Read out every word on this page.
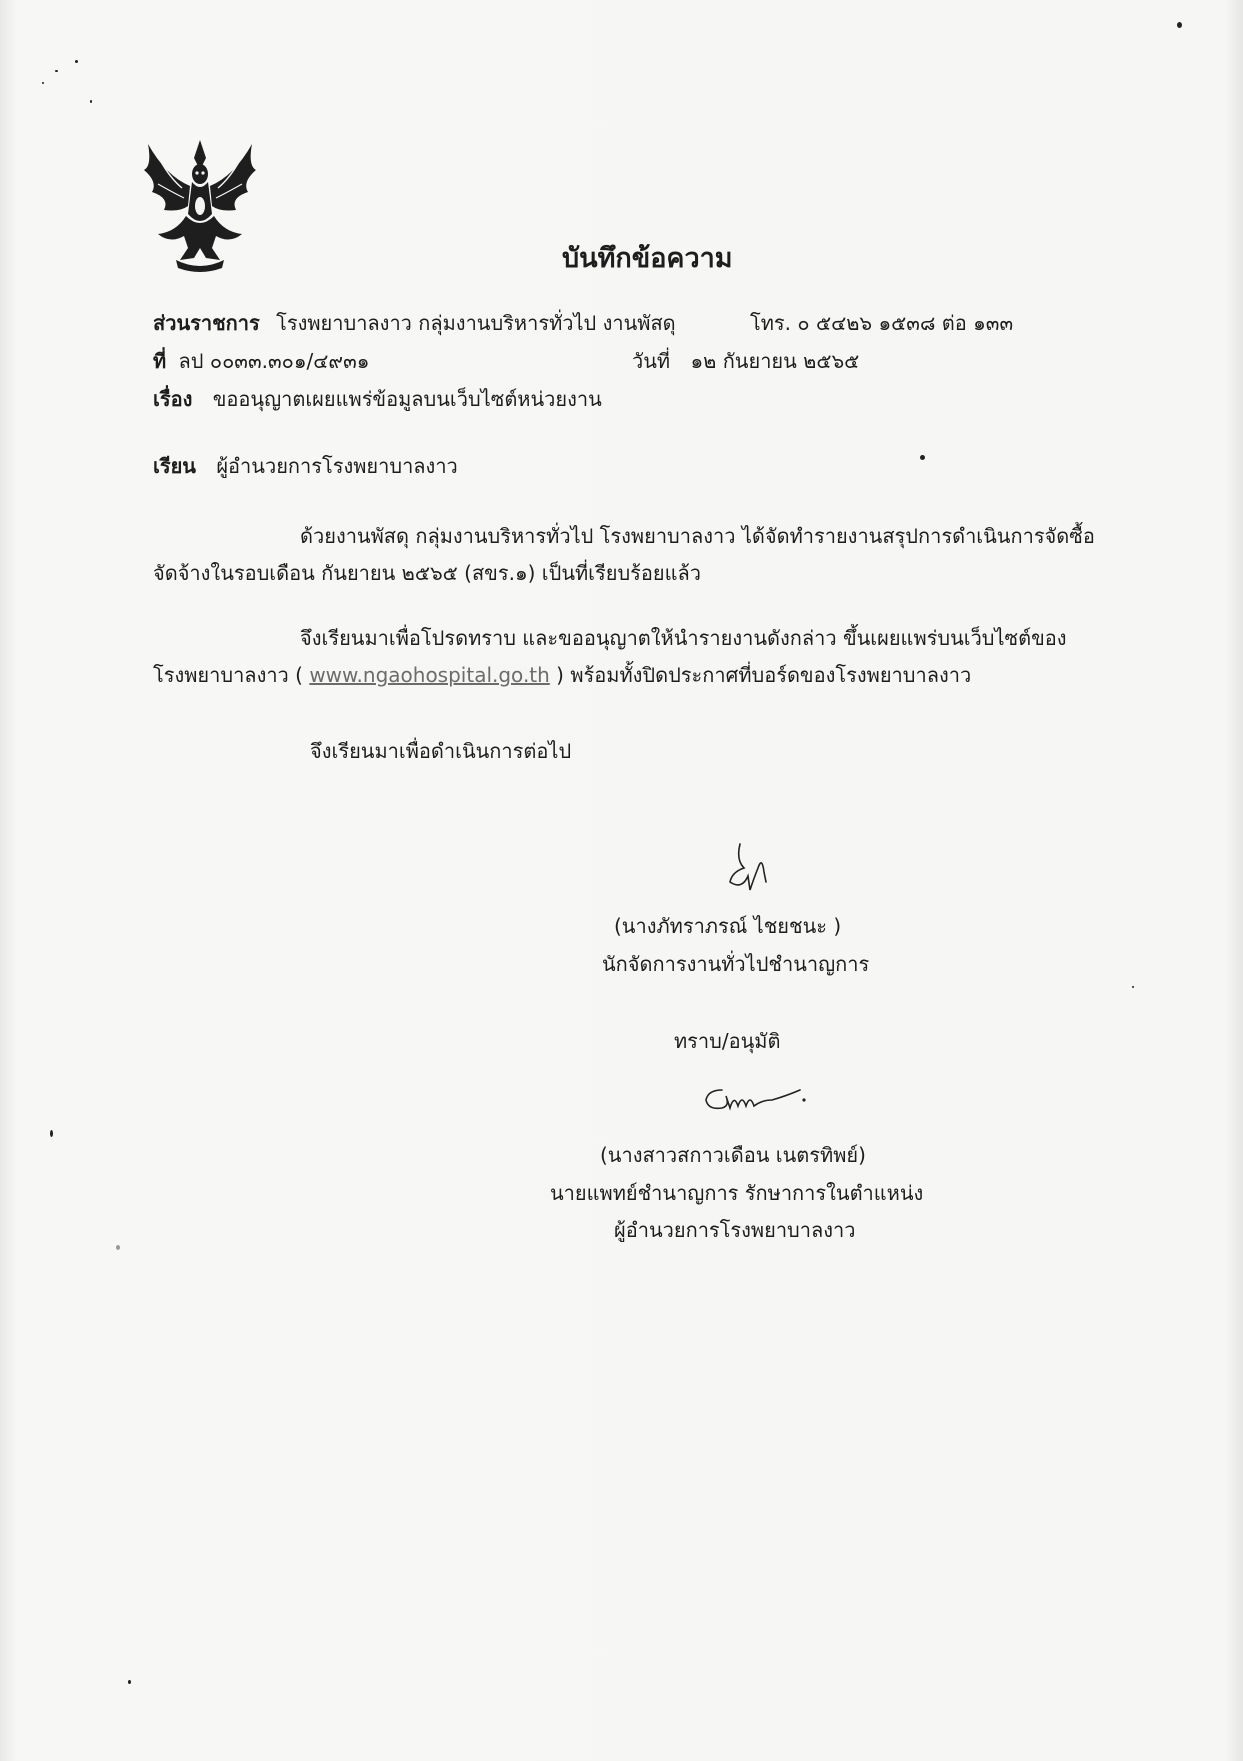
บันทึกข้อความ
ส่วนราชการ โรงพยาบาลงาว กลุ่มงานบริหารทั่วไป งานพัสดุ	โทร. ๐ ๕๔๒๖ ๑๕๓๘ ต่อ ๑๓๓
ที่ ลป ๐๐๓๓.๓๐๑/๔๙๓๑	วันที่ ๑๒ กันยายน ๒๕๖๕
เรื่อง ขออนุญาตเผยแพร่ข้อมูลบนเว็บไซต์หน่วยงาน
เรียน ผู้อำนวยการโรงพยาบาลงาว
ด้วยงานพัสดุ กลุ่มงานบริหารทั่วไป โรงพยาบาลงาว ได้จัดทำรายงานสรุปการดำเนินการจัดซื้อ
จัดจ้างในรอบเดือน กันยายน ๒๕๖๕ (สขร.๑) เป็นที่เรียบร้อยแล้ว
จึงเรียนมาเพื่อโปรดทราบ และขออนุญาตให้นำรายงานดังกล่าว ขึ้นเผยแพร่บนเว็บไซต์ของ
โรงพยาบาลงาว ( www.ngaohospital.go.th ) พร้อมทั้งปิดประกาศที่บอร์ดของโรงพยาบาลงาว
จึงเรียนมาเพื่อดำเนินการต่อไป
(นางภัทราภรณ์ ไชยชนะ )
นักจัดการงานทั่วไปชำนาญการ
ทราบ/อนุมัติ
(นางสาวสกาวเดือน เนตรทิพย์)
นายแพทย์ชำนาญการ รักษาการในตำแหน่ง
ผู้อำนวยการโรงพยาบาลงาว
